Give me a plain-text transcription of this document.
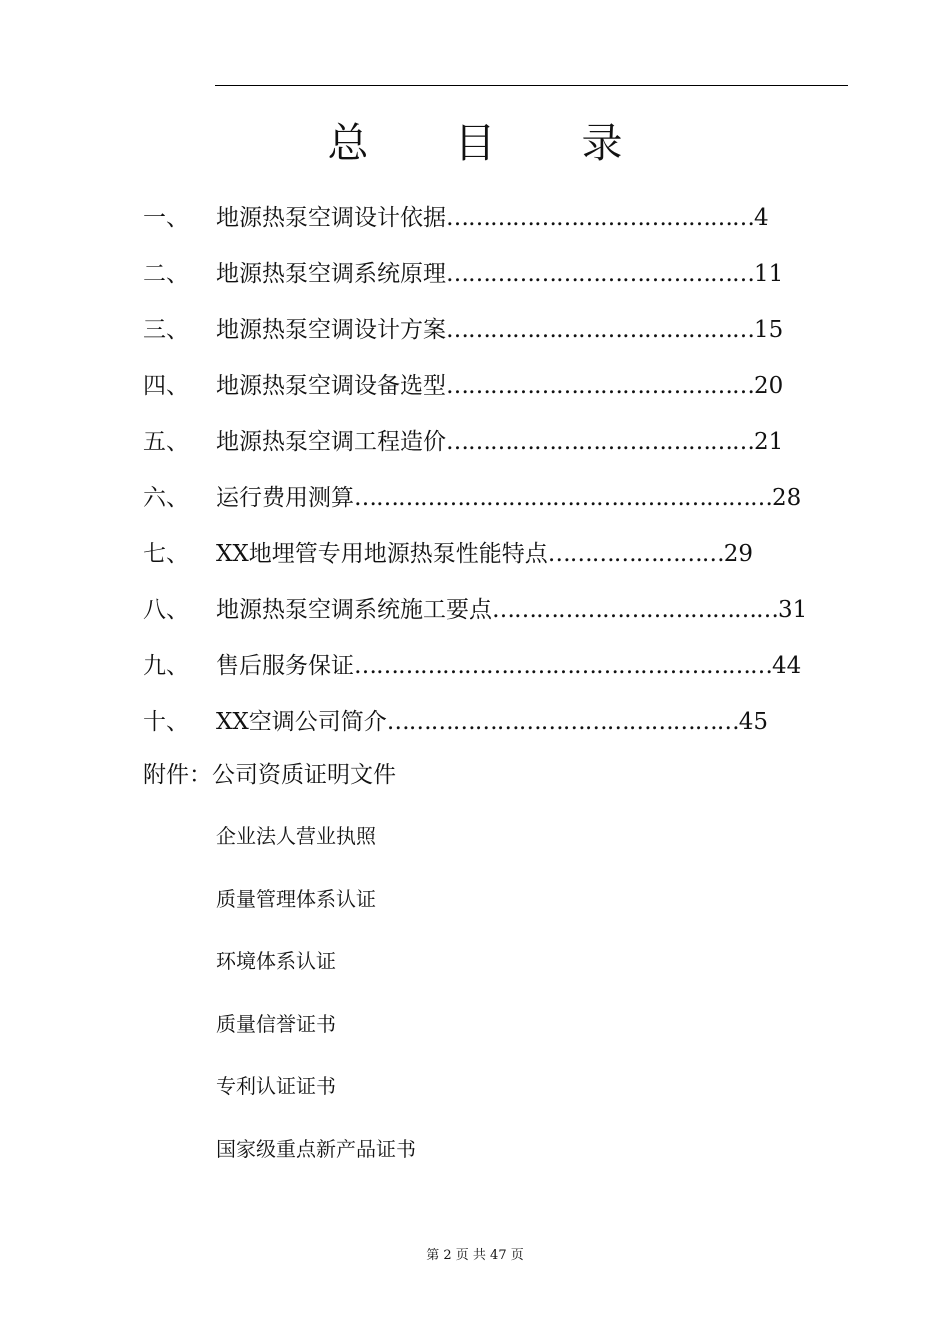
总 目 录
一、	地源热泵空调设计依据……………………………………4
二、	地源热泵空调系统原理……………………………………11
三、	地源热泵空调设计方案……………………………………15
四、	地源热泵空调设备选型……………………………………20
五、	地源热泵空调工程造价……………………………………21
六、	运行费用测算…………………………………………………28
七、	XX地埋管专用地源热泵性能特点……………………29
八、	地源热泵空调系统施工要点…………………………………31
九、	售后服务保证…………………………………………………44
十、	XX空调公司简介…………………………………………45
附件：公司资质证明文件
企业法人营业执照
质量管理体系认证
环境体系认证
质量信誉证书
专利认证证书
国家级重点新产品证书
第 2 页 共 47 页
